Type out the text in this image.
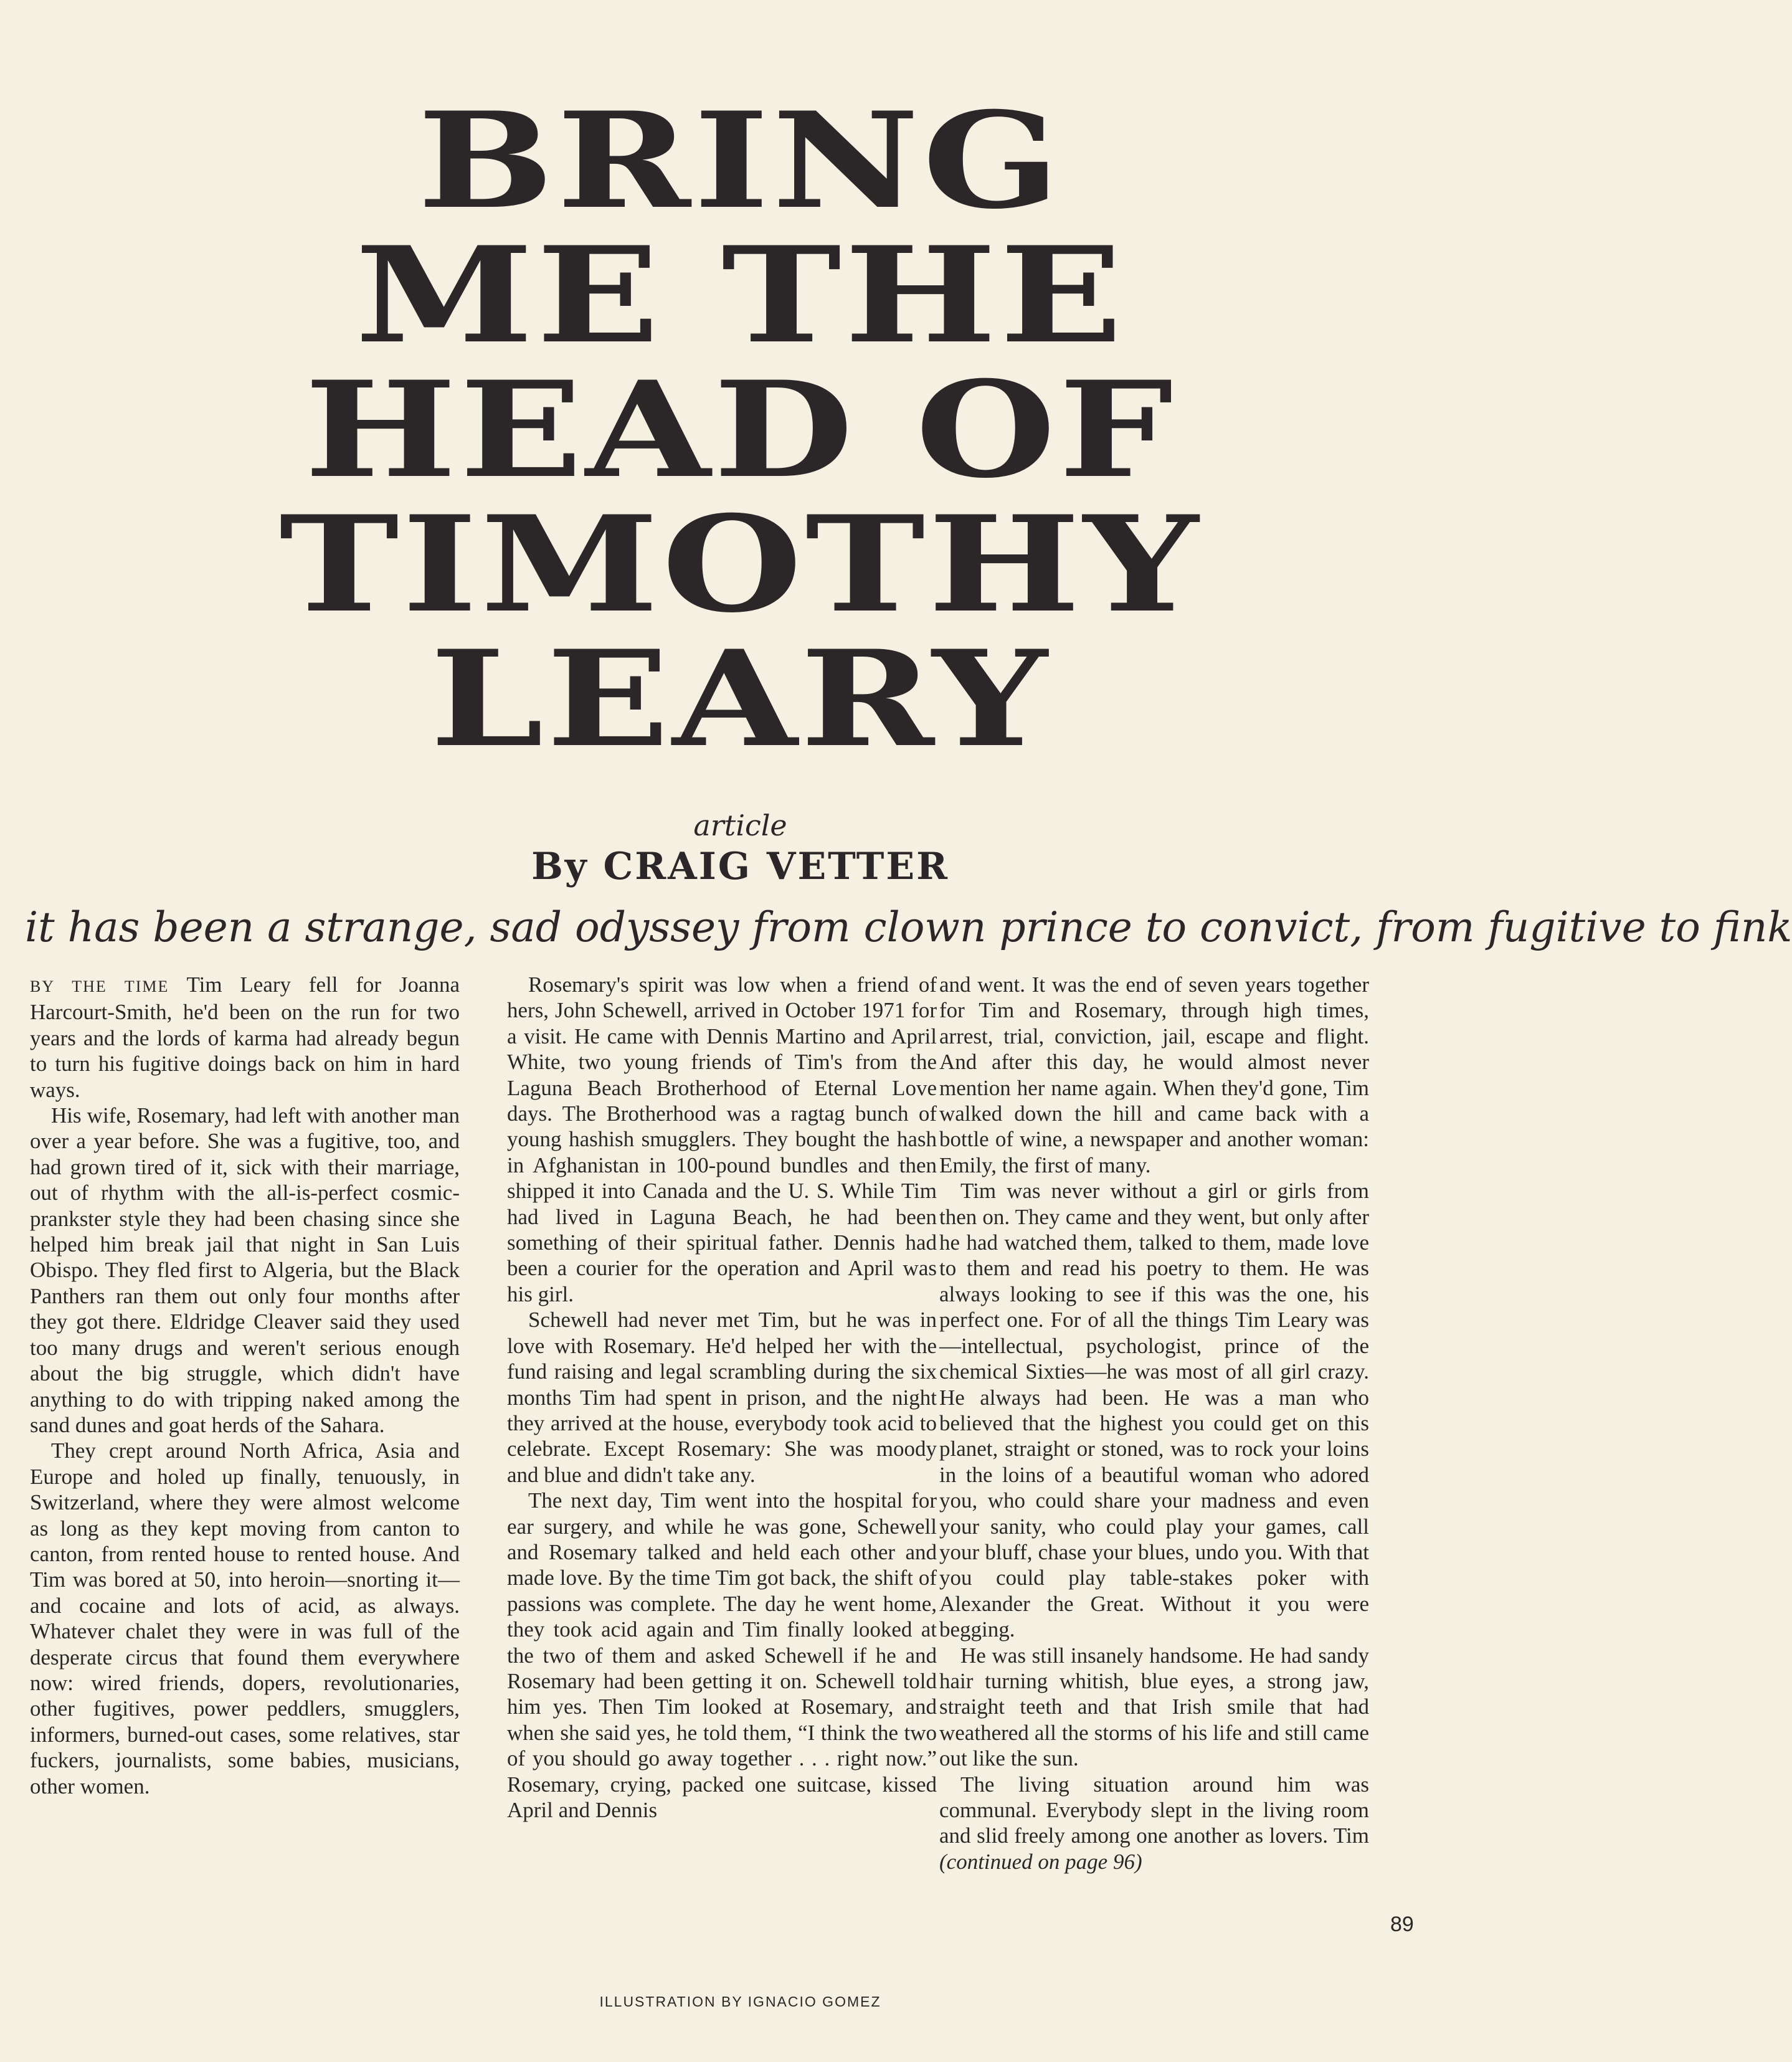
BRING
ME THE
HEAD OF
TIMOTHY
LEARY
article
By CRAIG VETTER
it has been a strange, sad odyssey from clown prince to convict, from fugitive to fink

BY THE TIME Tim Leary fell for Joanna Harcourt-Smith, he'd been on the run for two years and the lords of karma had already begun to turn his fugitive doings back on him in hard ways.

His wife, Rosemary, had left with another man over a year before. She was a fugitive, too, and had grown tired of it, sick with their marriage, out of rhythm with the all-is-perfect cosmic-prankster style they had been chasing since she helped him break jail that night in San Luis Obispo. They fled first to Algeria, but the Black Panthers ran them out only four months after they got there. Eldridge Cleaver said they used too many drugs and weren't serious enough about the big struggle, which didn't have anything to do with tripping naked among the sand dunes and goat herds of the Sahara.

They crept around North Africa, Asia and Europe and holed up finally, tenuously, in Switzerland, where they were almost welcome as long as they kept moving from canton to canton, from rented house to rented house. And Tim was bored at 50, into heroin—snorting it—and cocaine and lots of acid, as always. Whatever chalet they were in was full of the desperate circus that found them everywhere now: wired friends, dopers, revolutionaries, other fugitives, power peddlers, smugglers, informers, burned-out cases, some relatives, star fuckers, journalists, some babies, musicians, other women.

Rosemary's spirit was low when a friend of hers, John Schewell, arrived in October 1971 for a visit. He came with Dennis Martino and April White, two young friends of Tim's from the Laguna Beach Brotherhood of Eternal Love days. The Brotherhood was a ragtag bunch of young hashish smugglers. They bought the hash in Afghanistan in 100-pound bundles and then shipped it into Canada and the U. S. While Tim had lived in Laguna Beach, he had been something of their spiritual father. Dennis had been a courier for the operation and April was his girl.

Schewell had never met Tim, but he was in love with Rosemary. He'd helped her with the fund raising and legal scrambling during the six months Tim had spent in prison, and the night they arrived at the house, everybody took acid to celebrate. Except Rosemary: She was moody and blue and didn't take any.

The next day, Tim went into the hospital for ear surgery, and while he was gone, Schewell and Rosemary talked and held each other and made love. By the time Tim got back, the shift of passions was complete. The day he went home, they took acid again and Tim finally looked at the two of them and asked Schewell if he and Rosemary had been getting it on. Schewell told him yes. Then Tim looked at Rosemary, and when she said yes, he told them, “I think the two of you should go away together . . . right now.” Rosemary, crying, packed one suitcase, kissed April and Dennis

and went. It was the end of seven years together for Tim and Rosemary, through high times, arrest, trial, conviction, jail, escape and flight. And after this day, he would almost never mention her name again. When they'd gone, Tim walked down the hill and came back with a bottle of wine, a newspaper and another woman: Emily, the first of many.

Tim was never without a girl or girls from then on. They came and they went, but only after he had watched them, talked to them, made love to them and read his poetry to them. He was always looking to see if this was the one, his perfect one. For of all the things Tim Leary was—intellectual, psychologist, prince of the chemical Sixties—he was most of all girl crazy. He always had been. He was a man who believed that the highest you could get on this planet, straight or stoned, was to rock your loins in the loins of a beautiful woman who adored you, who could share your madness and even your sanity, who could play your games, call your bluff, chase your blues, undo you. With that you could play table-stakes poker with Alexander the Great. Without it you were begging.

He was still insanely handsome. He had sandy hair turning whitish, blue eyes, a strong jaw, straight teeth and that Irish smile that had weathered all the storms of his life and still came out like the sun.

The living situation around him was communal. Everybody slept in the living room and slid freely among one another as lovers. Tim (continued on page 96)

89
ILLUSTRATION BY IGNACIO GOMEZ
